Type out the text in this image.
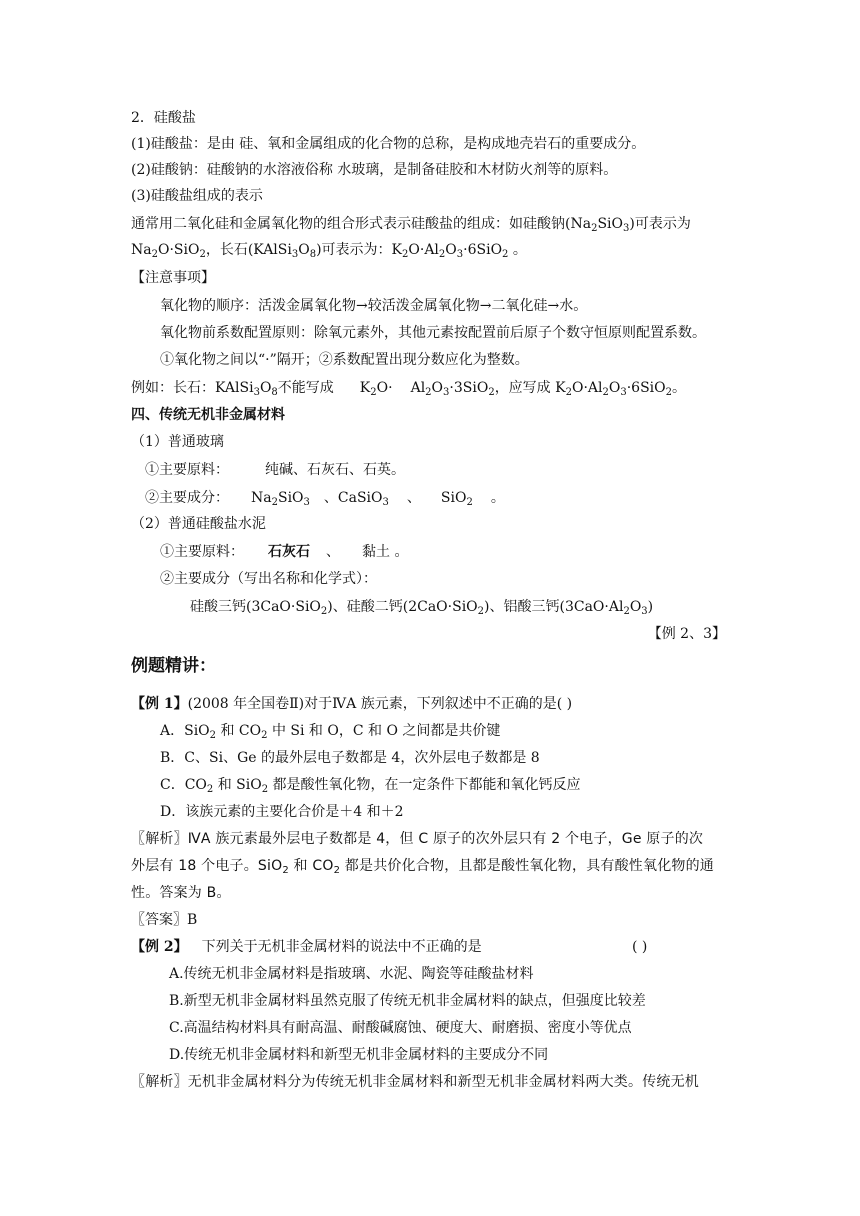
2．硅酸盐
(1)硅酸盐：是由 硅、氧和金属组成的化合物的总称，是构成地壳岩石的重要成分。
(2)硅酸钠：硅酸钠的水溶液俗称 水玻璃，是制备硅胶和木材防火剂等的原料。
(3)硅酸盐组成的表示
通常用二氧化硅和金属氧化物的组合形式表示硅酸盐的组成：如硅酸钠$(Na_2SiO_3)$可表示为
$Na_2O\cdot SiO_2$，长石$(KAlSi_3O_8)$可表示为：$K_2O\cdot Al_2O_3\cdot 6SiO_2$ 。
【注意事项】
氧化物的顺序：活泼金属氧化物→较活泼金属氧化物→二氧化硅→水。
氧化物前系数配置原则：除氧元素外，其他元素按配置前后原子个数守恒原则配置系数。
①氧化物之间以“·”隔开；②系数配置出现分数应化为整数。
例如：长石：$KAlSi_3O_8$不能写成 $K_2O\cdot Al_2O_3\cdot 3SiO_2$，应写成 $K_2O\cdot Al_2O_3\cdot 6SiO_2$。
四、传统无机非金属材料
（1）普通玻璃
①主要原料：	纯碱、石灰石、石英。
②主要成分： $Na_2SiO_3$ 、CaSiO$_3$ 、 SiO$_2$ 。
（2）普通硅酸盐水泥
①主要原料： 石灰石 、 黏土 。
②主要成分（写出名称和化学式）：
硅酸三钙(3CaO·SiO$_2$)、硅酸二钙(2CaO·SiO$_2$)、铝酸三钙$(3CaO\cdot Al_2O_3)$
【例 2、3】
例题精讲：
【例 1】(2008 年全国卷Ⅱ)对于ⅣA 族元素，下列叙述中不正确的是( )
A．SiO$_2$ 和 $CO_2$ 中 Si 和 O，C 和 O 之间都是共价键
B．C、Si、Ge 的最外层电子数都是 4，次外层电子数都是 8
C．$CO_2$ 和 SiO$_2$ 都是酸性氧化物，在一定条件下都能和氧化钙反应
D．该族元素的主要化合价是＋4 和＋2
〖解析〗ⅣA 族元素最外层电子数都是 4，但 C 原子的次外层只有 2 个电子，Ge 原子的次
外层有 18 个电子。SiO$_2$ 和 $CO_2$ 都是共价化合物，且都是酸性氧化物，具有酸性氧化物的通
性。答案为 B。
〖答案〗B
【例 2】 下列关于无机非金属材料的说法中不正确的是	( )
A.传统无机非金属材料是指玻璃、水泥、陶瓷等硅酸盐材料
B.新型无机非金属材料虽然克服了传统无机非金属材料的缺点，但强度比较差
C.高温结构材料具有耐高温、耐酸碱腐蚀、硬度大、耐磨损、密度小等优点
D.传统无机非金属材料和新型无机非金属材料的主要成分不同
〖解析〗无机非金属材料分为传统无机非金属材料和新型无机非金属材料两大类。传统无机
